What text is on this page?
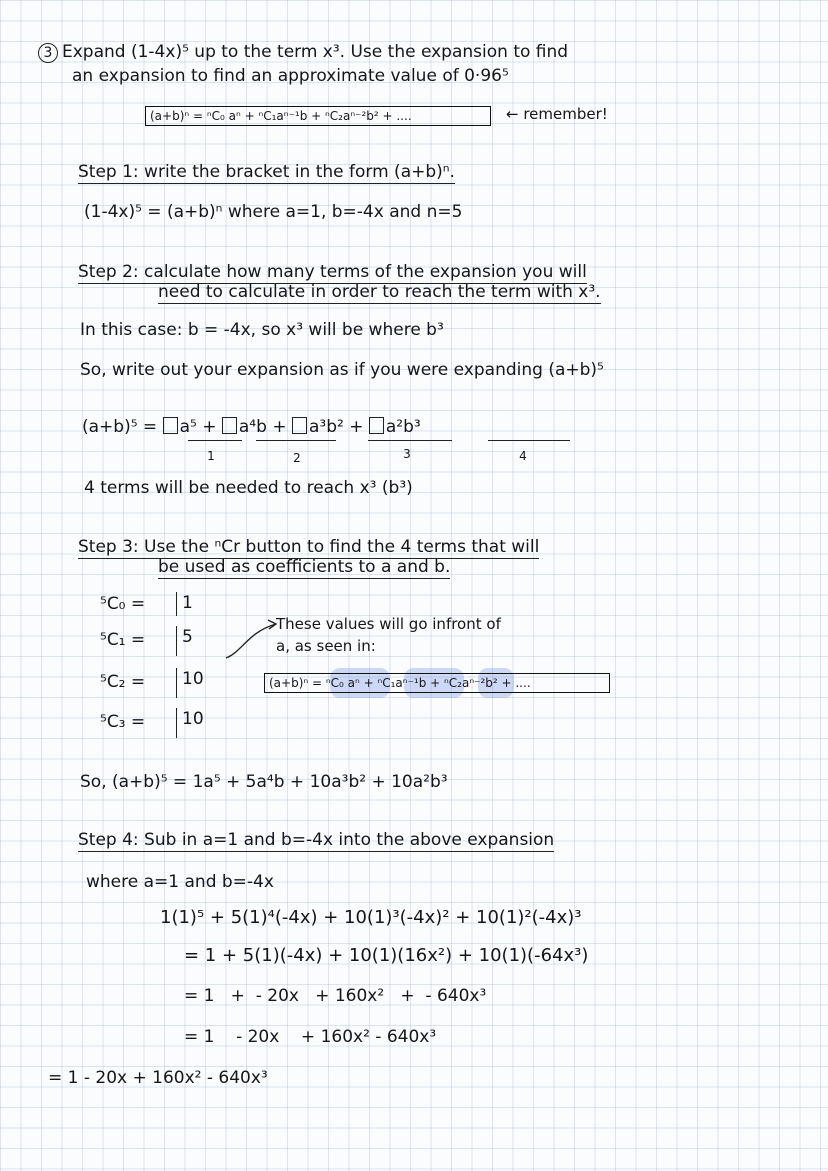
3 Expand (1-4x)⁵ up to the term x³. Use the expansion to find
an expansion to find an approximate value of 0·96⁵
(a+b)ⁿ = ⁿC₀ aⁿ + ⁿC₁aⁿ⁻¹b + ⁿC₂aⁿ⁻²b² + ....	← remember!
Step 1: write the bracket in the form (a+b)ⁿ.
(1-4x)⁵ = (a+b)ⁿ where a=1, b=-4x and n=5
Step 2: calculate how many terms of the expansion you will
need to calculate in order to reach the term with x³.
In this case: b = -4x, so x³ will be where b³
So, write out your expansion as if you were expanding (a+b)⁵
(a+b)⁵ = a⁵ + a⁴b + a³b² + a²b³
1	2	3	4
4 terms will be needed to reach x³ (b³)
Step 3: Use the ⁿCr button to find the 4 terms that will
be used as coefficients to a and b.
⁵C₀ =	1
⁵C₁ =	5
⁵C₂ =	10
⁵C₃ =	10
These values will go infront of
a, as seen in:
(a+b)ⁿ = ⁿC₀ aⁿ + ⁿC₁aⁿ⁻¹b + ⁿC₂aⁿ⁻²b² + ....
So, (a+b)⁵ = 1a⁵ + 5a⁴b + 10a³b² + 10a²b³
Step 4: Sub in a=1 and b=-4x into the above expansion
where a=1 and b=-4x
1(1)⁵ + 5(1)⁴(-4x) + 10(1)³(-4x)² + 10(1)²(-4x)³
= 1 + 5(1)(-4x) + 10(1)(16x²) + 10(1)(-64x³)
= 1   +  - 20x   + 160x²   +  - 640x³
= 1    - 20x    + 160x² - 640x³
= 1 - 20x + 160x² - 640x³
